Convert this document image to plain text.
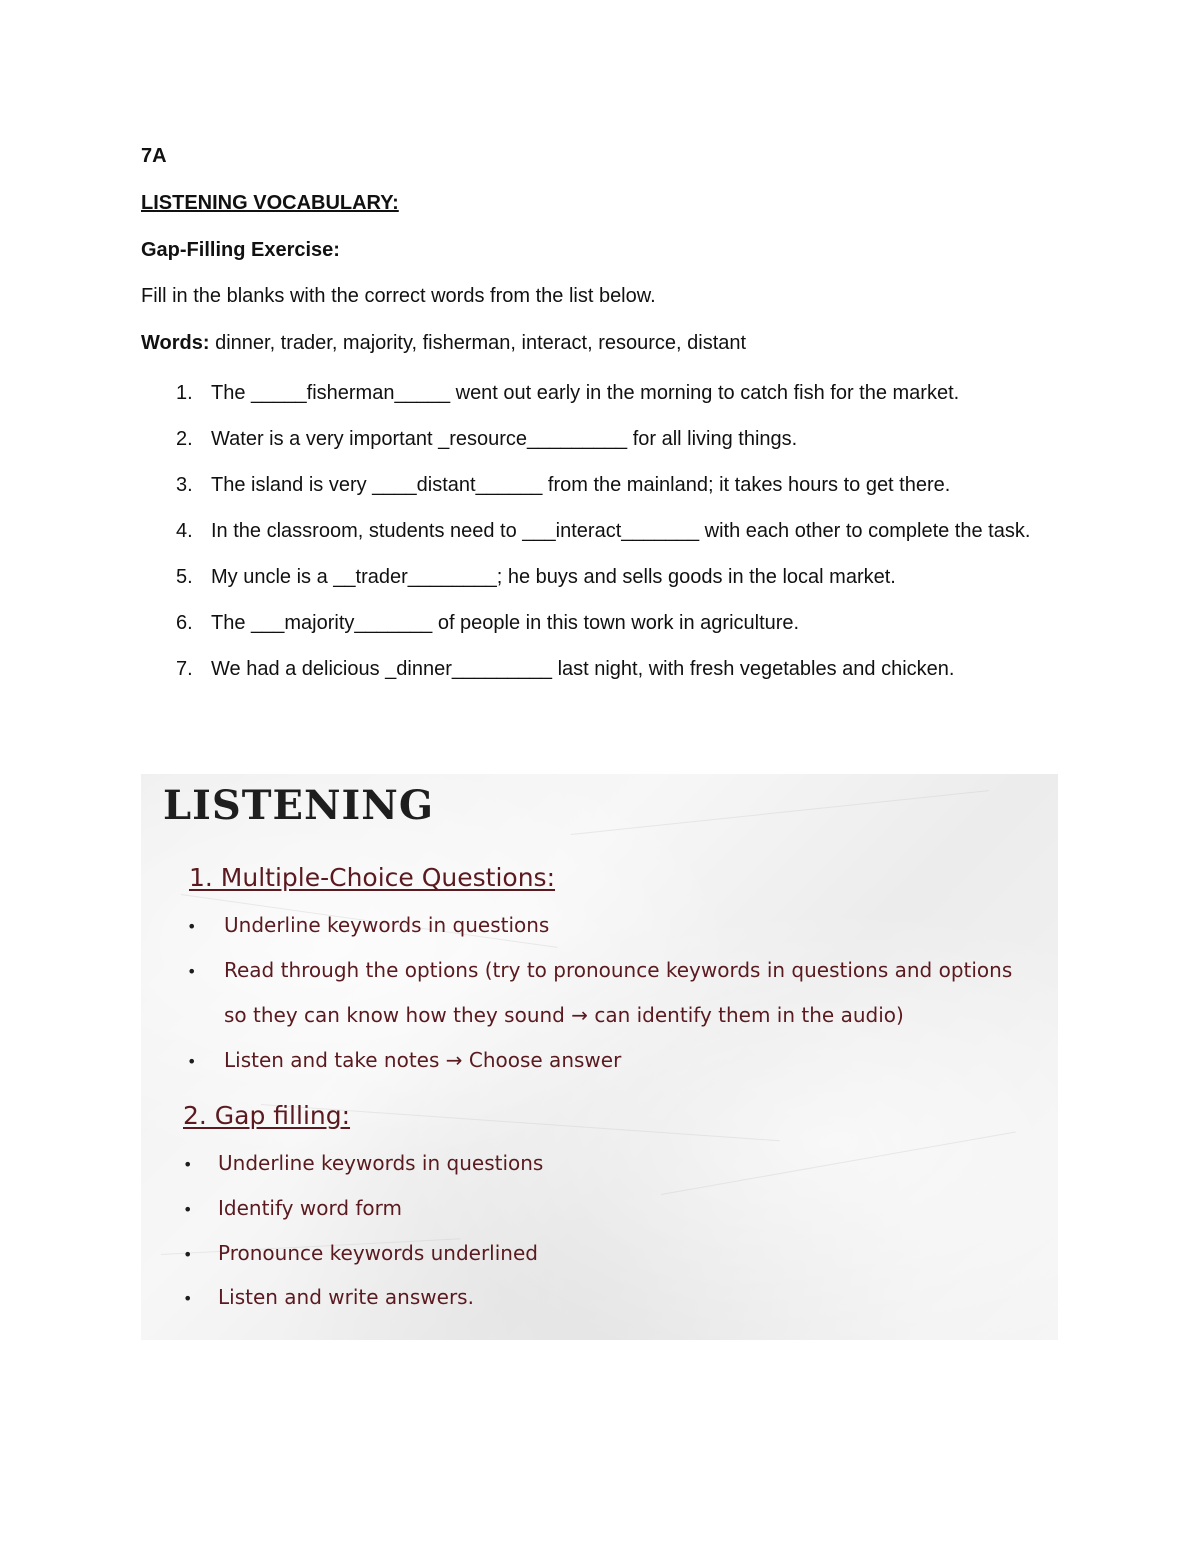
7A
LISTENING VOCABULARY:
Gap-Filling Exercise:
Fill in the blanks with the correct words from the list below.
Words: dinner, trader, majority, fisherman, interact, resource, distant
1. The _____fisherman_____ went out early in the morning to catch fish for the market.
2. Water is a very important _resource_________ for all living things.
3. The island is very ____distant______ from the mainland; it takes hours to get there.
4. In the classroom, students need to ___interact_______ with each other to complete the task.
5. My uncle is a __trader________; he buys and sells goods in the local market.
6. The ___majority_______ of people in this town work in agriculture.
7. We had a delicious _dinner_________ last night, with fresh vegetables and chicken.
LISTENING
1. Multiple-Choice Questions:
• Underline keywords in questions
• Read through the options (try to pronounce keywords in questions and options
so they can know how they sound → can identify them in the audio)
• Listen and take notes → Choose answer
2. Gap filling:
• Underline keywords in questions
• Identify word form
• Pronounce keywords underlined
• Listen and write answers.
